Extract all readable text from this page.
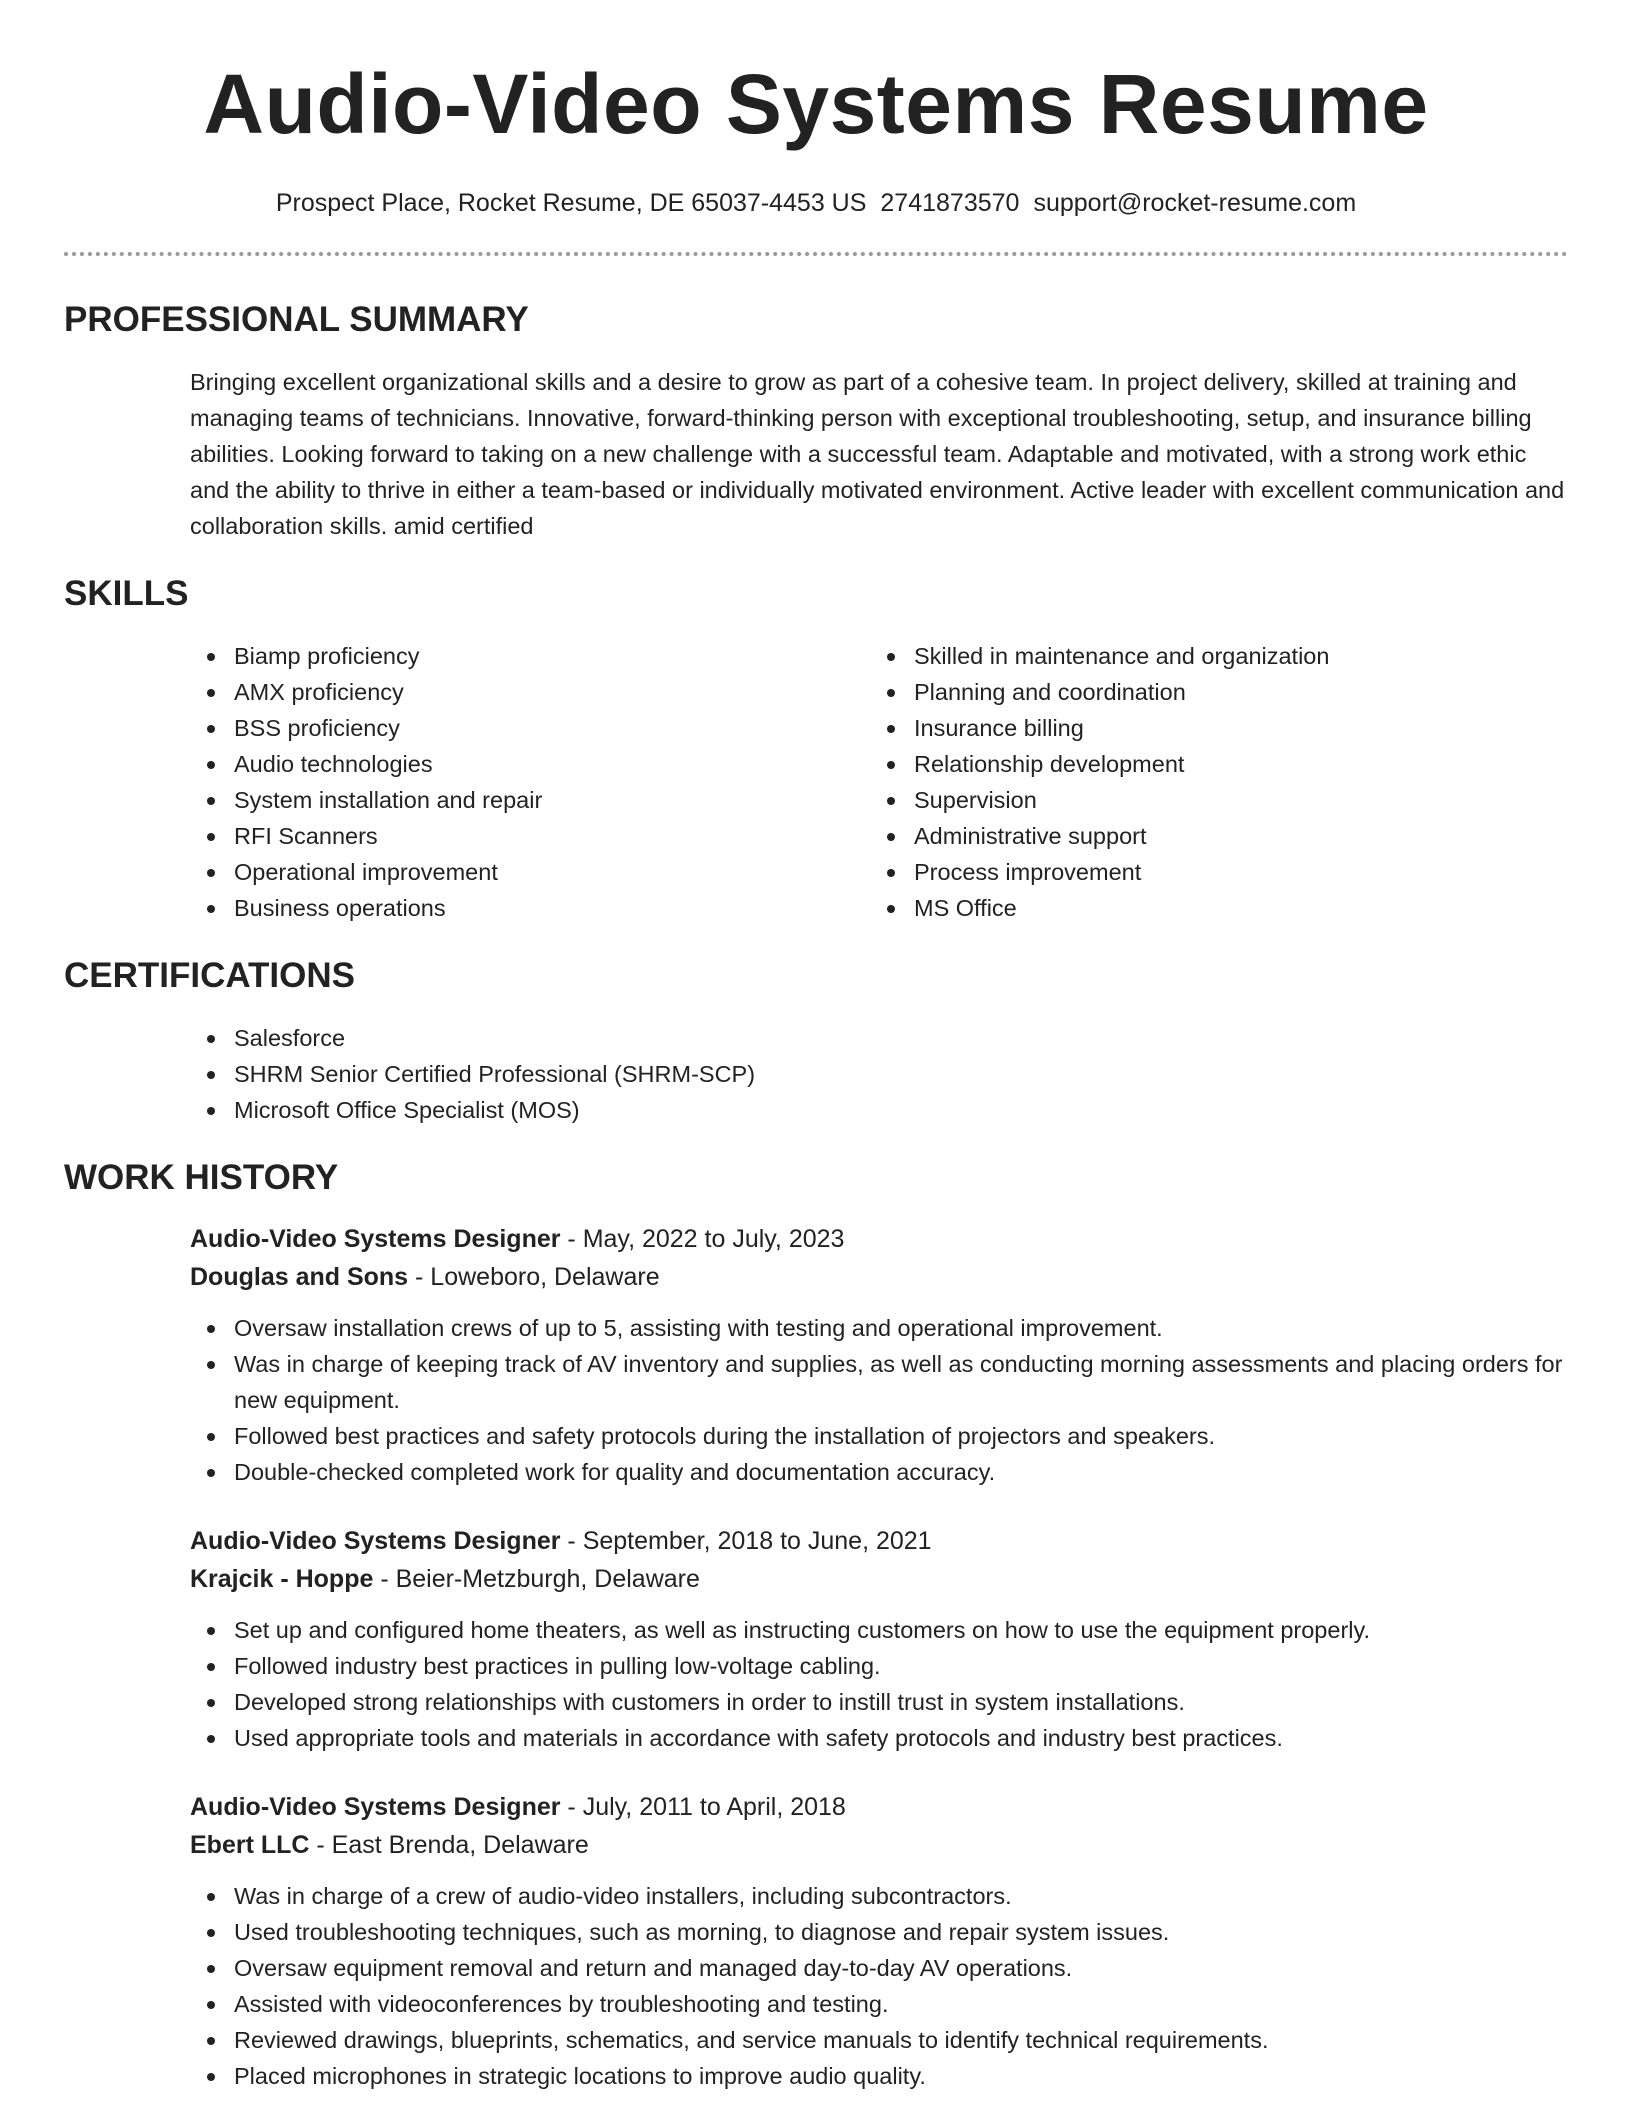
Audio-Video Systems Resume
Prospect Place, Rocket Resume, DE 65037-4453 US 2741873570 support@rocket-resume.com
PROFESSIONAL SUMMARY

Bringing excellent organizational skills and a desire to grow as part of a cohesive team. In project delivery, skilled at training and managing teams of technicians. Innovative, forward-thinking person with exceptional troubleshooting, setup, and insurance billing abilities. Looking forward to taking on a new challenge with a successful team. Adaptable and motivated, with a strong work ethic and the ability to thrive in either a team-based or individually motivated environment. Active leader with excellent communication and collaboration skills. amid certified

SKILLS
Biamp proficiency
AMX proficiency
BSS proficiency
Audio technologies
System installation and repair
RFI Scanners
Operational improvement
Business operations
Skilled in maintenance and organization
Planning and coordination
Insurance billing
Relationship development
Supervision
Administrative support
Process improvement
MS Office
CERTIFICATIONS
Salesforce
SHRM Senior Certified Professional (SHRM-SCP)
Microsoft Office Specialist (MOS)
WORK HISTORY
Audio-Video Systems Designer - May, 2022 to July, 2023
Douglas and Sons - Loweboro, Delaware
Oversaw installation crews of up to 5, assisting with testing and operational improvement.
Was in charge of keeping track of AV inventory and supplies, as well as conducting morning assessments and placing orders for new equipment.
Followed best practices and safety protocols during the installation of projectors and speakers.
Double-checked completed work for quality and documentation accuracy.
Audio-Video Systems Designer - September, 2018 to June, 2021
Krajcik - Hoppe - Beier-Metzburgh, Delaware
Set up and configured home theaters, as well as instructing customers on how to use the equipment properly.
Followed industry best practices in pulling low-voltage cabling.
Developed strong relationships with customers in order to instill trust in system installations.
Used appropriate tools and materials in accordance with safety protocols and industry best practices.
Audio-Video Systems Designer - July, 2011 to April, 2018
Ebert LLC - East Brenda, Delaware
Was in charge of a crew of audio-video installers, including subcontractors.
Used troubleshooting techniques, such as morning, to diagnose and repair system issues.
Oversaw equipment removal and return and managed day-to-day AV operations.
Assisted with videoconferences by troubleshooting and testing.
Reviewed drawings, blueprints, schematics, and service manuals to identify technical requirements.
Placed microphones in strategic locations to improve audio quality.
